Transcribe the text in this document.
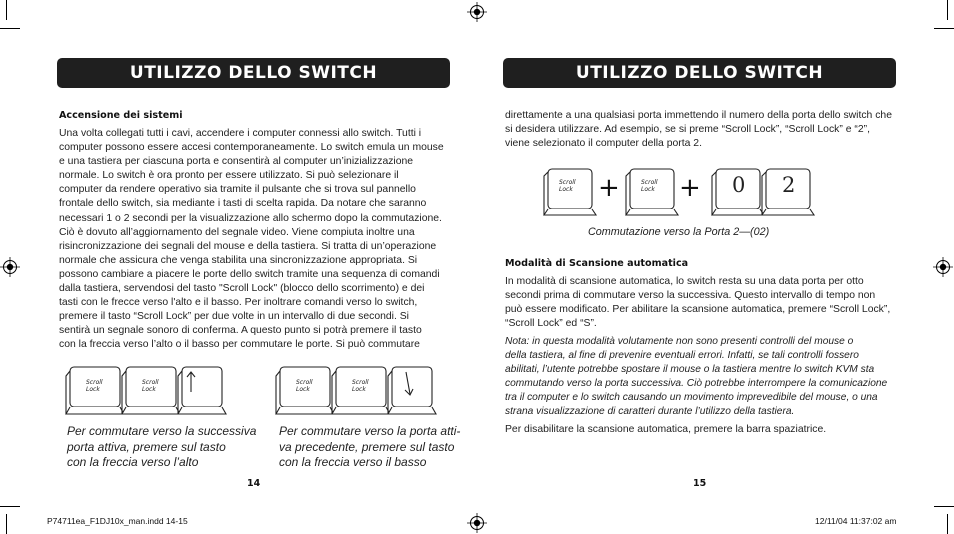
UTILIZZO DELLO SWITCH
Accensione dei sistemi

Una volta collegati tutti i cavi, accendere i computer connessi allo switch. Tutti i

computer possono essere accesi contemporaneamente. Lo switch emula un mouse

e una tastiera per ciascuna porta e consentirà al computer un’inizializzazione

normale. Lo switch è ora pronto per essere utilizzato. Si può selezionare il

computer da rendere operativo sia tramite il pulsante che si trova sul pannello

frontale dello switch, sia mediante i tasti di scelta rapida. Da notare che saranno

necessari 1 o 2 secondi per la visualizzazione allo schermo dopo la commutazione.

Ciò è dovuto all’aggiornamento del segnale video. Viene compiuta inoltre una

risincronizzazione dei segnali del mouse e della tastiera. Si tratta di un’operazione

normale che assicura che venga stabilita una sincronizzazione appropriata. Si

possono cambiare a piacere le porte dello switch tramite una sequenza di comandi

dalla tastiera, servendosi del tasto "Scroll Lock" (blocco dello scorrimento) e dei

tasti con le frecce verso l'alto e il basso. Per inoltrare comandi verso lo switch,

premere il tasto “Scroll Lock” per due volte in un intervallo di due secondi. Si

sentirà un segnale sonoro di conferma. A questo punto si potrà premere il tasto

con la freccia verso l’alto o il basso per commutare le porte. Si può commutare

Scroll
Lock
Scroll
Lock
Scroll
Lock
Scroll
Lock

Per commutare verso la successiva

porta attiva, premere sul tasto

con la freccia verso l’alto

Per commutare verso la porta atti-

va precedente, premere sul tasto

con la freccia verso il basso

14
UTILIZZO DELLO SWITCH

direttamente a una qualsiasi porta immettendo il numero della porta dello switch che

si desidera utilizzare. Ad esempio, se si preme “Scroll Lock”, “Scroll Lock” e “2”,

viene selezionato il computer della porta 2.

Scroll
Lock +	Scroll
Lock + 0 2
Commutazione verso la Porta 2—(02)
Modalità di Scansione automatica

In modalità di scansione automatica, lo switch resta su una data porta per otto

secondi prima di commutare verso la successiva. Questo intervallo di tempo non

può essere modificato. Per abilitare la scansione automatica, premere “Scroll Lock”,

“Scroll Lock” ed “S”.

Nota: in questa modalità volutamente non sono presenti controlli del mouse o

della tastiera, al fine di prevenire eventuali errori. Infatti, se tali controlli fossero

abilitati, l’utente potrebbe spostare il mouse o la tastiera mentre lo switch KVM sta

commutando verso la porta successiva. Ciò potrebbe interrompere la comunicazione

tra il computer e lo switch causando un movimento imprevedibile del mouse, o una

strana visualizzazione di caratteri durante l’utilizzo della tastiera.

Per disabilitare la scansione automatica, premere la barra spaziatrice.
15
P74711ea_F1DJ10x_man.indd 14-15	12/11/04 11:37:02 am
